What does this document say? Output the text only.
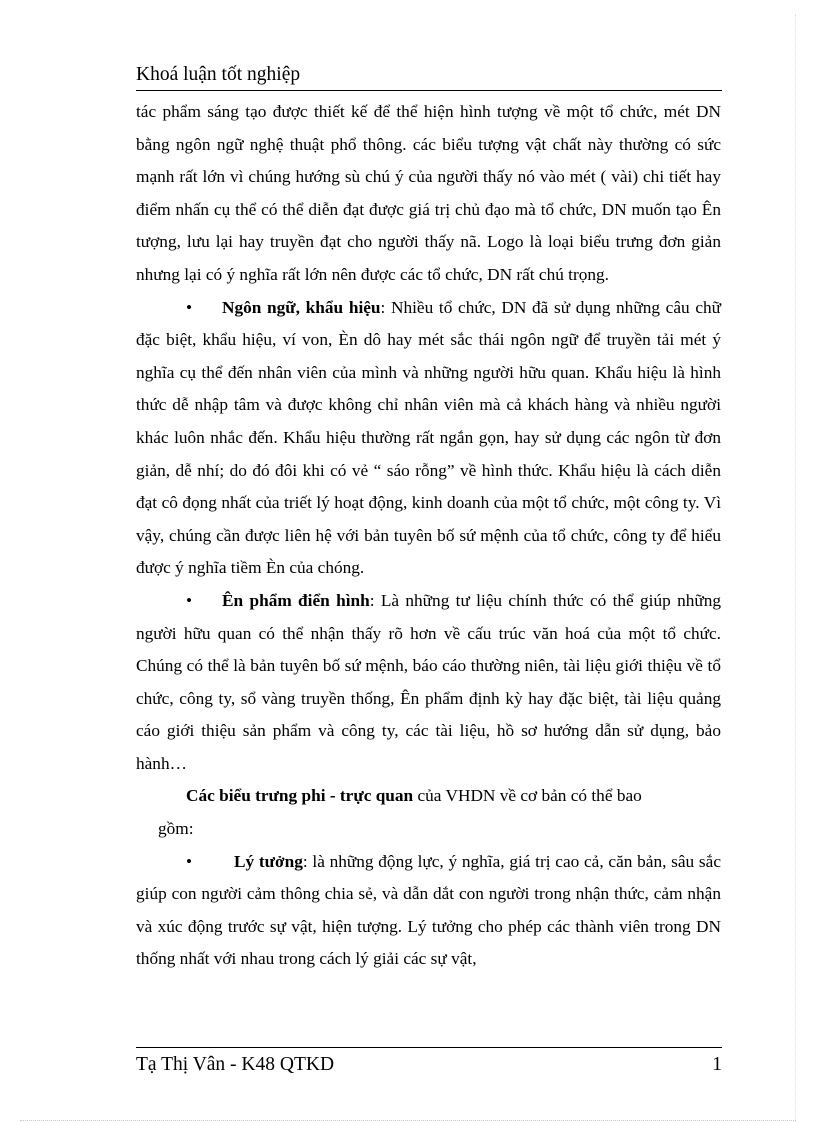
Khoá luận tốt nghiệp

tác phẩm sáng tạo được thiết kế để thể hiện hình tượng về một tổ chức, mét DN bằng ngôn ngữ nghệ thuật phổ thông. các biểu tượng vật chất này thường có sức mạnh rất lớn vì chúng hướng sù chú ý của người thấy nó vào mét ( vài) chi tiết hay điểm nhấn cụ thể có thể diễn đạt được giá trị chủ đạo mà tổ chức, DN muốn tạo Ên tượng, lưu lại hay truyền đạt cho người thấy nã. Logo là loại biểu trưng đơn giản nhưng lại có ý nghĩa rất lớn nên được các tổ chức, DN rất chú trọng.

• Ngôn ngữ, khẩu hiệu: Nhiều tổ chức, DN đã sử dụng những câu chữ đặc biệt, khẩu hiệu, ví von, Èn dô hay mét sắc thái ngôn ngữ để truyền tải mét ý nghĩa cụ thể đến nhân viên của mình và những người hữu quan. Khẩu hiệu là hình thức dễ nhập tâm và được không chỉ nhân viên mà cả khách hàng và nhiều người khác luôn nhắc đến. Khẩu hiệu thường rất ngắn gọn, hay sử dụng các ngôn từ đơn giản, dễ nhí; do đó đôi khi có vẻ “ sáo rỗng” về hình thức. Khẩu hiệu là cách diễn đạt cô đọng nhất của triết lý hoạt động, kinh doanh của một tổ chức, một công ty. Vì vậy, chúng cần được liên hệ với bản tuyên bố sứ mệnh của tổ chức, công ty để hiểu được ý nghĩa tiềm Èn của chóng.

• Ên phẩm điển hình: Là những tư liệu chính thức có thể giúp những người hữu quan có thể nhận thấy rõ hơn về cấu trúc văn hoá của một tổ chức. Chúng có thể là bản tuyên bố sứ mệnh, báo cáo thường niên, tài liệu giới thiệu về tổ chức, công ty, sổ vàng truyền thống, Ên phẩm định kỳ hay đặc biệt, tài liệu quảng cáo giới thiệu sản phẩm và công ty, các tài liệu, hồ sơ hướng dẫn sử dụng, bảo hành…

Các biểu trưng phi - trực quan của VHDN về cơ bản có thể bao
gồm:

• Lý tưởng: là những động lực, ý nghĩa, giá trị cao cả, căn bản, sâu sắc giúp con người cảm thông chia sẻ, và dẫn dắt con người trong nhận thức, cảm nhận và xúc động trước sự vật, hiện tượng. Lý tưởng cho phép các thành viên trong DN thống nhất với nhau trong cách lý giải các sự vật,

Tạ Thị Vân - K48 QTKD	1
